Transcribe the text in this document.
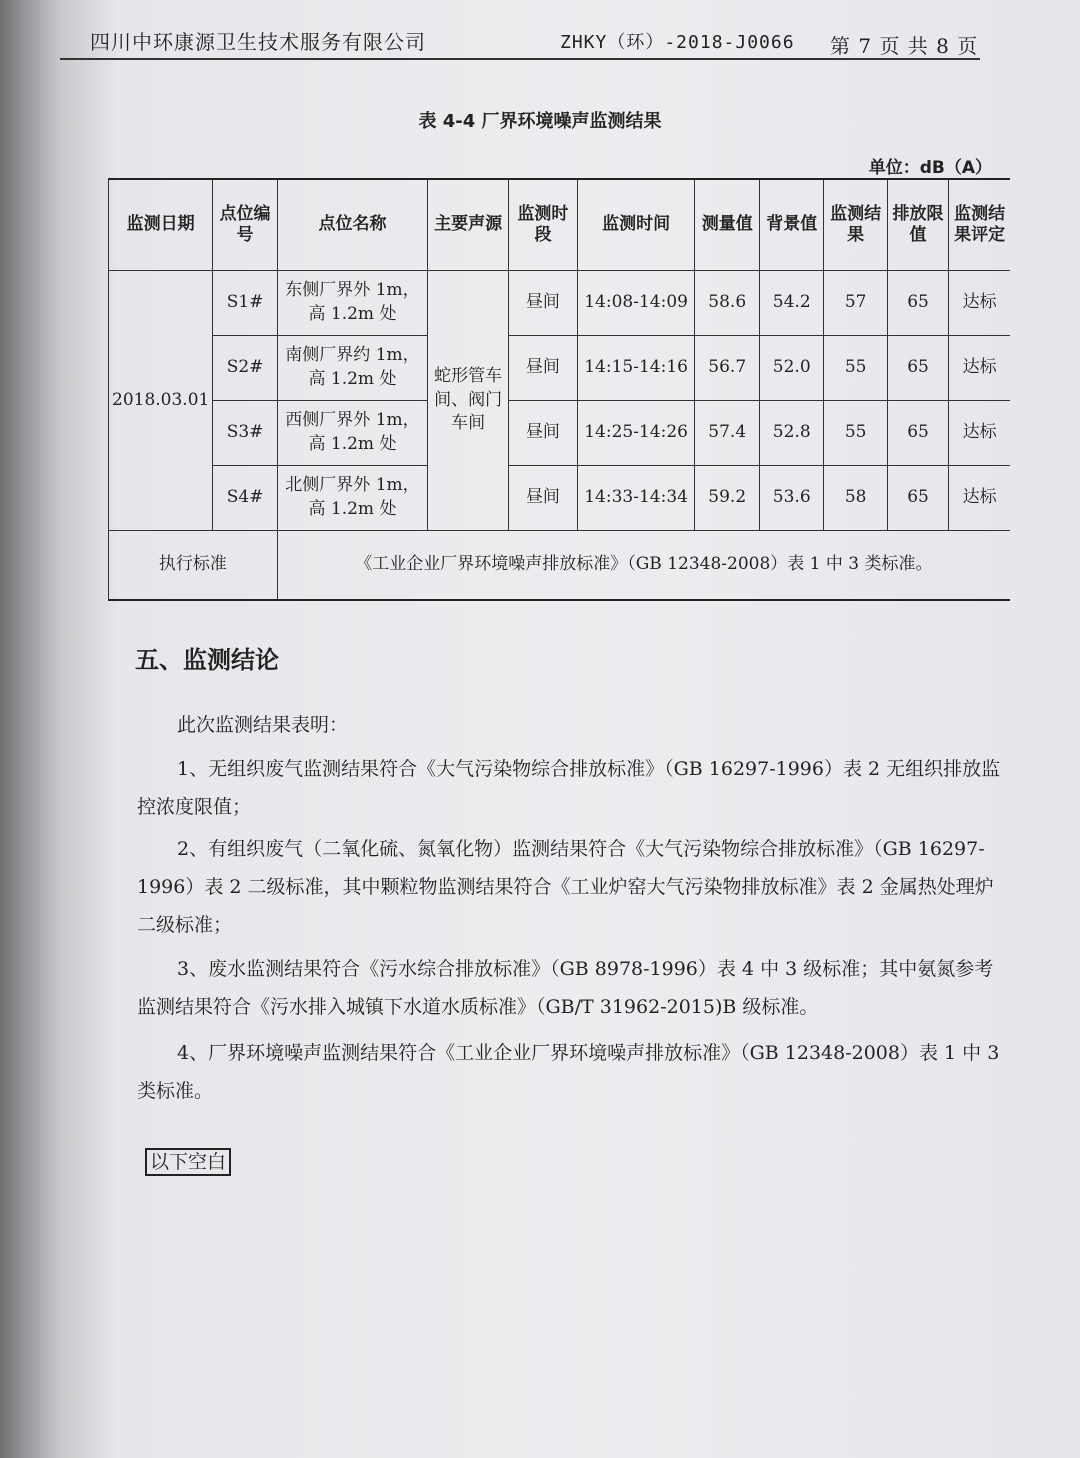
四川中环康源卫生技术服务有限公司	ZHKY（环）-2018-J0066 第 7 页 共 8 页
表 4-4 厂界环境噪声监测结果
单位：dB（A）
监测日期	点位编号	点位名称	主要声源	监测时段	监测时间	测量值	背景值	监测结果	排放限值	监测结果评定
2018.03.01	S1#	东侧厂界外 1m，高 1.2m 处	蛇形管车间、阀门车间	昼间	14:08-14:09	58.6	54.2	57	65	达标
	S2#	南侧厂界约 1m，高 1.2m 处		昼间	14:15-14:16	56.7	52.0	55	65	达标
	S3#	西侧厂界外 1m，高 1.2m 处		昼间	14:25-14:26	57.4	52.8	55	65	达标
	S4#	北侧厂界外 1m，高 1.2m 处		昼间	14:33-14:34	59.2	53.6	58	65	达标
执行标准		《工业企业厂界环境噪声排放标准》（GB 12348-2008）表 1 中 3 类标准。								
五、监测结论
此次监测结果表明：
1、无组织废气监测结果符合《大气污染物综合排放标准》（GB 16297-1996）表 2 无组织排放监控浓度限值；
2、有组织废气（二氧化硫、氮氧化物）监测结果符合《大气污染物综合排放标准》（GB 16297-1996）表 2 二级标准，其中颗粒物监测结果符合《工业炉窑大气污染物排放标准》表 2 金属热处理炉二级标准；
3、废水监测结果符合《污水综合排放标准》（GB 8978-1996）表 4 中 3 级标准；其中氨氮参考监测结果符合《污水排入城镇下水道水质标准》（GB/T 31962-2015)B 级标准。
4、厂界环境噪声监测结果符合《工业企业厂界环境噪声排放标准》（GB 12348-2008）表 1 中 3 类标准。
以下空白
